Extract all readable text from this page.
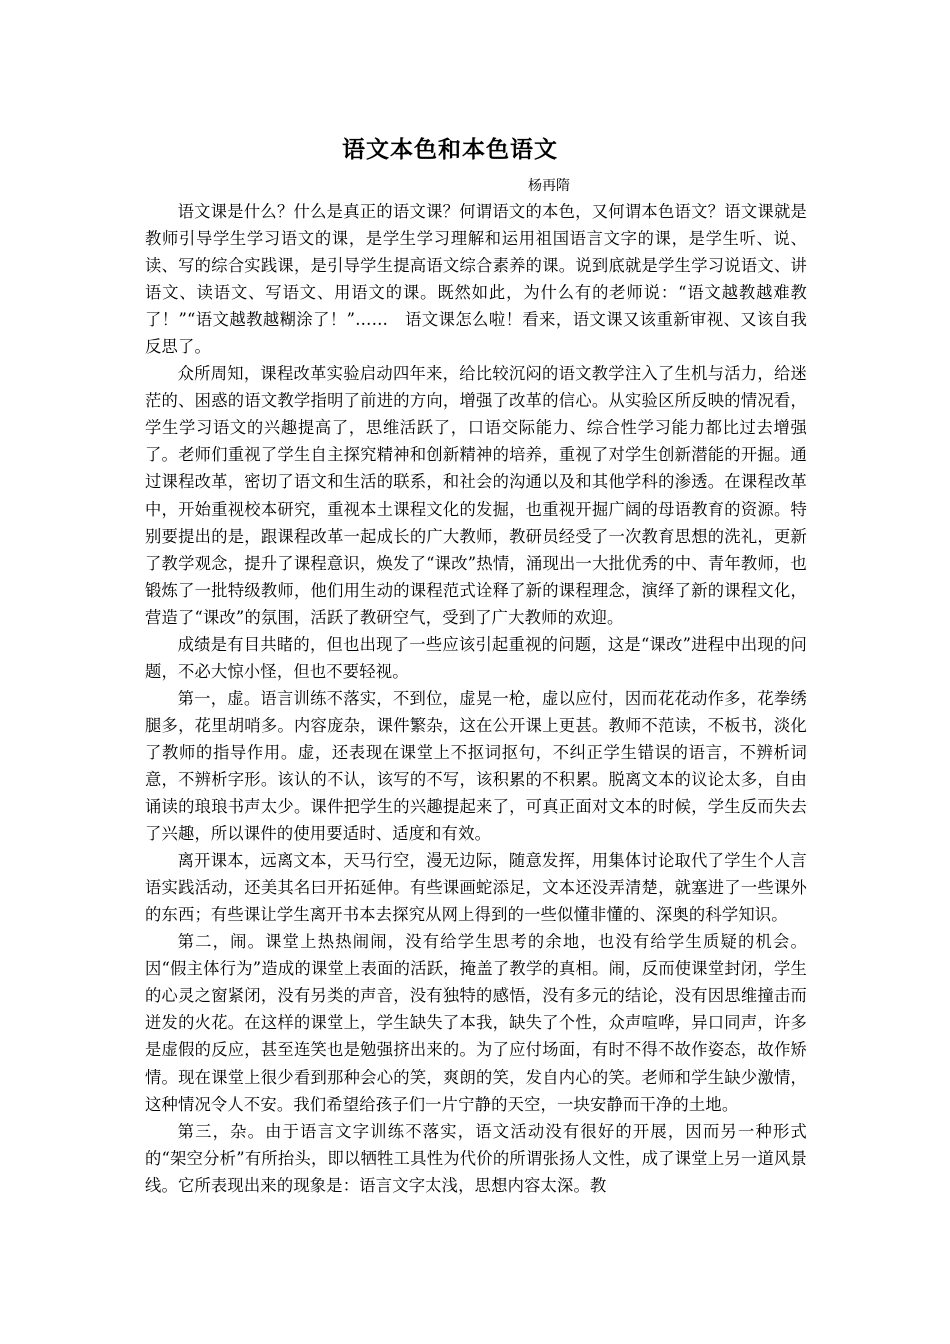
语文本色和本色语文
杨再隋

语文课是什么？什么是真正的语文课？何谓语文的本色，又何谓本色语文？语文课就是教师引导学生学习语文的课，是学生学习理解和运用祖国语言文字的课，是学生听、说、读、写的综合实践课，是引导学生提高语文综合素养的课。说到底就是学生学习说语文、讲语文、读语文、写语文、用语文的课。既然如此，为什么有的老师说：“语文越教越难教了！”“语文越教越糊涂了！”……　语文课怎么啦！看来，语文课又该重新审视、又该自我反思了。

众所周知，课程改革实验启动四年来，给比较沉闷的语文教学注入了生机与活力，给迷茫的、困惑的语文教学指明了前进的方向，增强了改革的信心。从实验区所反映的情况看，学生学习语文的兴趣提高了，思维活跃了，口语交际能力、综合性学习能力都比过去增强了。老师们重视了学生自主探究精神和创新精神的培养，重视了对学生创新潜能的开掘。通过课程改革，密切了语文和生活的联系，和社会的沟通以及和其他学科的渗透。在课程改革中，开始重视校本研究，重视本土课程文化的发掘，也重视开掘广阔的母语教育的资源。特别要提出的是，跟课程改革一起成长的广大教师，教研员经受了一次教育思想的洗礼，更新了教学观念，提升了课程意识，焕发了“课改”热情，涌现出一大批优秀的中、青年教师，也锻炼了一批特级教师，他们用生动的课程范式诠释了新的课程理念，演绎了新的课程文化，营造了“课改”的氛围，活跃了教研空气，受到了广大教师的欢迎。

成绩是有目共睹的，但也出现了一些应该引起重视的问题，这是“课改”进程中出现的问题，不必大惊小怪，但也不要轻视。

第一，虚。语言训练不落实，不到位，虚晃一枪，虚以应付，因而花花动作多，花拳绣腿多，花里胡哨多。内容庞杂，课件繁杂，这在公开课上更甚。教师不范读，不板书，淡化了教师的指导作用。虚，还表现在课堂上不抠词抠句，不纠正学生错误的语言，不辨析词意，不辨析字形。该认的不认，该写的不写，该积累的不积累。脱离文本的议论太多，自由诵读的琅琅书声太少。课件把学生的兴趣提起来了，可真正面对文本的时候，学生反而失去了兴趣，所以课件的使用要适时、适度和有效。

离开课本，远离文本，天马行空，漫无边际，随意发挥，用集体讨论取代了学生个人言语实践活动，还美其名曰开拓延伸。有些课画蛇添足，文本还没弄清楚，就塞进了一些课外的东西；有些课让学生离开书本去探究从网上得到的一些似懂非懂的、深奥的科学知识。

第二，闹。课堂上热热闹闹，没有给学生思考的余地，也没有给学生质疑的机会。因“假主体行为”造成的课堂上表面的活跃，掩盖了教学的真相。闹，反而使课堂封闭，学生的心灵之窗紧闭，没有另类的声音，没有独特的感悟，没有多元的结论，没有因思维撞击而迸发的火花。在这样的课堂上，学生缺失了本我，缺失了个性，众声喧哗，异口同声，许多是虚假的反应，甚至连笑也是勉强挤出来的。为了应付场面，有时不得不故作姿态，故作矫情。现在课堂上很少看到那种会心的笑，爽朗的笑，发自内心的笑。老师和学生缺少激情，这种情况令人不安。我们希望给孩子们一片宁静的天空，一块安静而干净的土地。

第三，杂。由于语言文字训练不落实，语文活动没有很好的开展，因而另一种形式的“架空分析”有所抬头，即以牺牲工具性为代价的所谓张扬人文性，成了课堂上另一道风景线。它所表现出来的现象是：语言文字太浅，思想内容太深。教
